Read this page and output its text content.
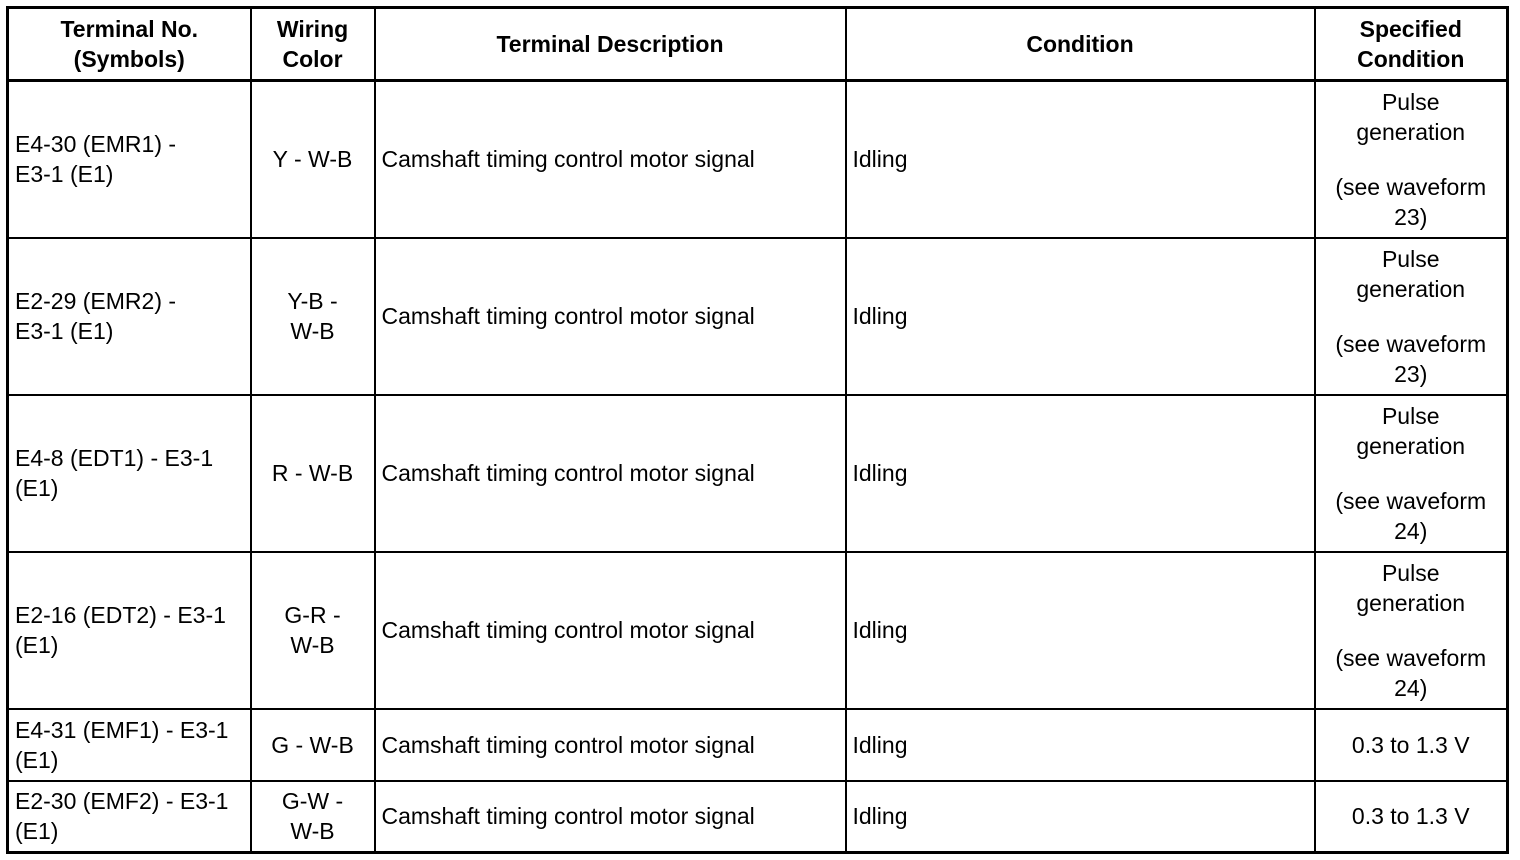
Terminal No.
(Symbols)	Wiring
Color	Terminal Description	Condition	Specified
Condition

E4-30 (EMR1) -
E3-1 (E1)	Y - W-B	Camshaft timing control motor signal	Idling	Pulse
generation
(see waveform
23)

E2-29 (EMR2) -
E3-1 (E1)	Y-B -
W-B	Camshaft timing control motor signal	Idling	Pulse
generation
(see waveform
23)

E4-8 (EDT1) - E3-1
(E1)	R - W-B	Camshaft timing control motor signal	Idling	Pulse
generation
(see waveform
24)

E2-16 (EDT2) - E3-1
(E1)	G-R -
W-B	Camshaft timing control motor signal	Idling	Pulse
generation
(see waveform
24)

E4-31 (EMF1) - E3-1
(E1)	G - W-B	Camshaft timing control motor signal	Idling	0.3 to 1.3 V

E2-30 (EMF2) - E3-1
(E1)	G-W -
W-B	Camshaft timing control motor signal	Idling	0.3 to 1.3 V
